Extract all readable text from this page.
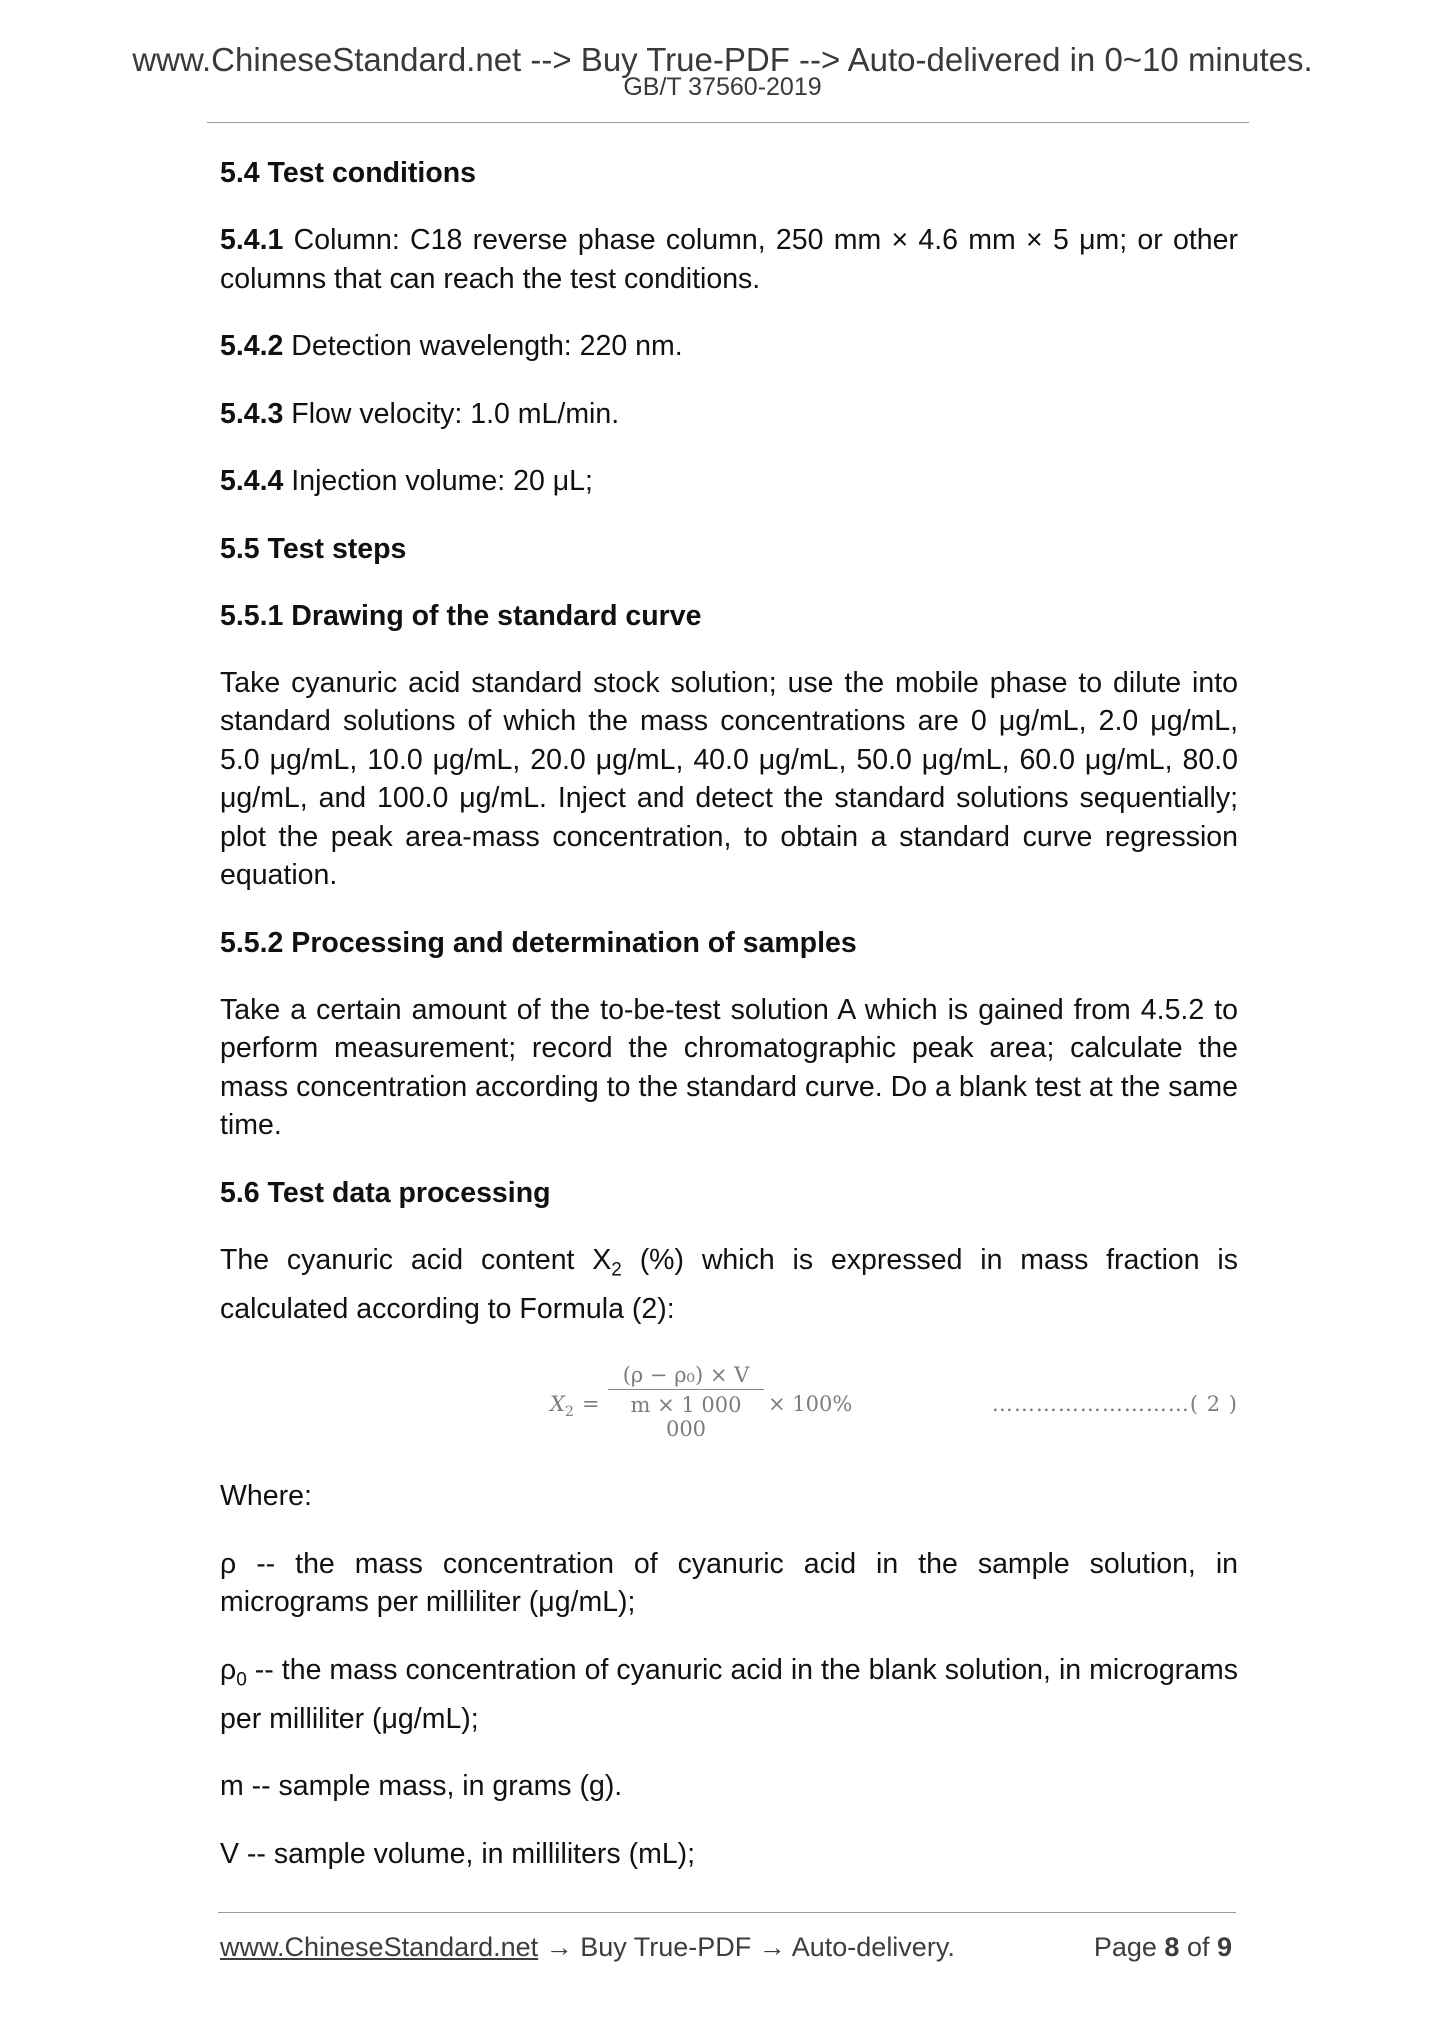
www.ChineseStandard.net --> Buy True-PDF --> Auto-delivered in 0~10 minutes.
GB/T 37560-2019
5.4 Test conditions
5.4.1 Column: C18 reverse phase column, 250 mm × 4.6 mm × 5 μm; or other columns that can reach the test conditions.
5.4.2 Detection wavelength: 220 nm.
5.4.3 Flow velocity: 1.0 mL/min.
5.4.4 Injection volume: 20 μL;
5.5 Test steps
5.5.1 Drawing of the standard curve
Take cyanuric acid standard stock solution; use the mobile phase to dilute into standard solutions of which the mass concentrations are 0 μg/mL, 2.0 μg/mL, 5.0 μg/mL, 10.0 μg/mL, 20.0 μg/mL, 40.0 μg/mL, 50.0 μg/mL, 60.0 μg/mL, 80.0 μg/mL, and 100.0 μg/mL. Inject and detect the standard solutions sequentially; plot the peak area-mass concentration, to obtain a standard curve regression equation.
5.5.2 Processing and determination of samples
Take a certain amount of the to-be-test solution A which is gained from 4.5.2 to perform measurement; record the chromatographic peak area; calculate the mass concentration according to the standard curve. Do a blank test at the same time.
5.6 Test data processing
The cyanuric acid content $X_2$ (%) which is expressed in mass fraction is calculated according to Formula (2):
$X_2$ =
(ρ − ρ₀) × V
m × 1 000 000
× 100%	………………………( 2 )
Where:
ρ -- the mass concentration of cyanuric acid in the sample solution, in micrograms per milliliter (μg/mL);
$\rho_0$ -- the mass concentration of cyanuric acid in the blank solution, in micrograms per milliliter (μg/mL);
m -- sample mass, in grams (g).
V -- sample volume, in milliliters (mL);
www.ChineseStandard.net → Buy True-PDF → Auto-delivery.	Page 8 of 9
